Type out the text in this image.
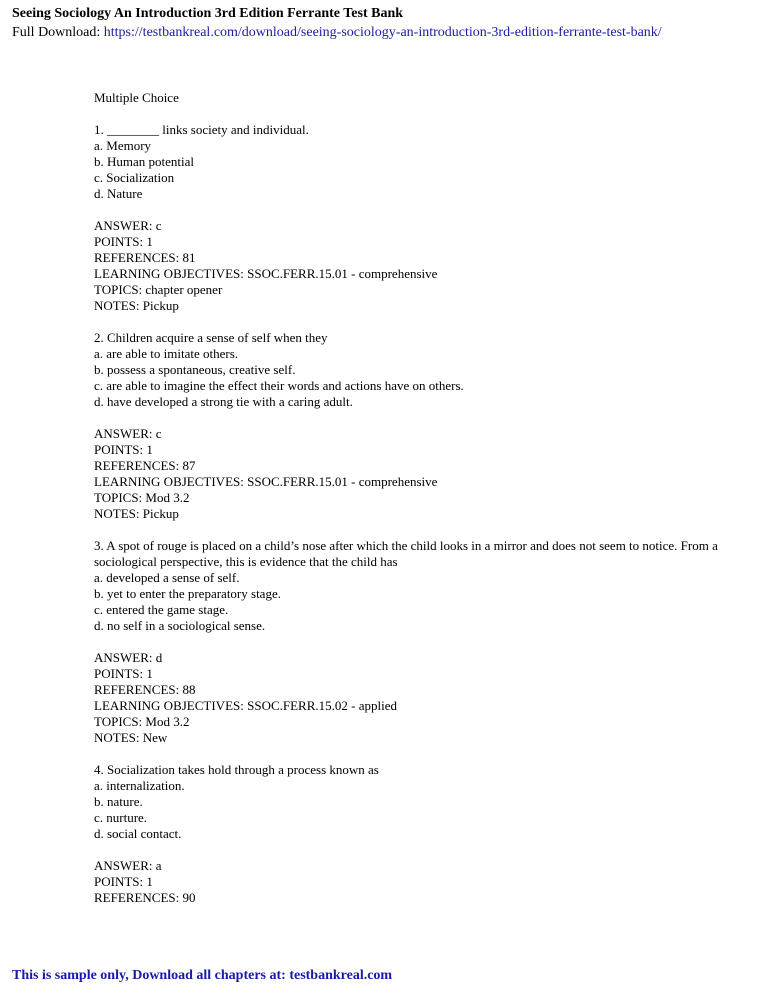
Seeing Sociology An Introduction 3rd Edition Ferrante Test Bank
Full Download: https://testbankreal.com/download/seeing-sociology-an-introduction-3rd-edition-ferrante-test-bank/
Multiple Choice
1. ________ links society and individual.
a. Memory
b. Human potential
c. Socialization
d. Nature
ANSWER: c
POINTS: 1
REFERENCES: 81
LEARNING OBJECTIVES: SSOC.FERR.15.01 - comprehensive
TOPICS: chapter opener
NOTES: Pickup
2. Children acquire a sense of self when they
a. are able to imitate others.
b. possess a spontaneous, creative self.
c. are able to imagine the effect their words and actions have on others.
d. have developed a strong tie with a caring adult.
ANSWER: c
POINTS: 1
REFERENCES: 87
LEARNING OBJECTIVES: SSOC.FERR.15.01 - comprehensive
TOPICS: Mod 3.2
NOTES: Pickup
3. A spot of rouge is placed on a child’s nose after which the child looks in a mirror and does not seem to notice. From a sociological perspective, this is evidence that the child has
a. developed a sense of self.
b. yet to enter the preparatory stage.
c. entered the game stage.
d. no self in a sociological sense.
ANSWER: d
POINTS: 1
REFERENCES: 88
LEARNING OBJECTIVES: SSOC.FERR.15.02 - applied
TOPICS: Mod 3.2
NOTES: New
4. Socialization takes hold through a process known as
a. internalization.
b. nature.
c. nurture.
d. social contact.
ANSWER: a
POINTS: 1
REFERENCES: 90
This is sample only, Download all chapters at: testbankreal.com
